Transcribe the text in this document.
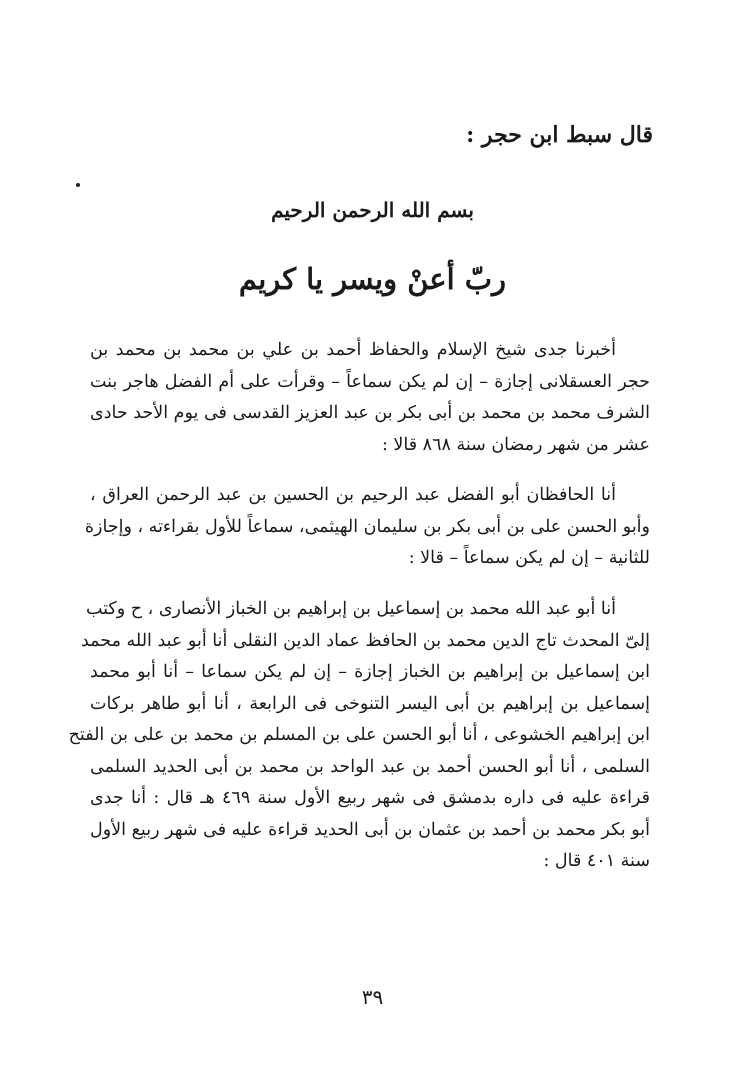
قال سبط ابن حجر :
بسم الله الرحمن الرحيم
ربّ أعنْ ويسر يا كريم
أخبرنا جدى شيخ الإسلام والحفاظ أحمد بن علي بن محمد بن محمد بن
حجر العسقلانى إجازة – إن لم يكن سماعاً – وقرأت على أم الفضل هاجر بنت
الشرف محمد بن محمد بن أبى بكر بن عبد العزيز القدسى فى يوم الأحد حادى
عشر من شهر رمضان سنة ٨٦٨ قالا :
أنا الحافظان أبو الفضل عبد الرحيم بن الحسين بن عبد الرحمن العراق ،
وأبو الحسن على بن أبى بكر بن سليمان الهيثمى، سماعاً للأول بقراءته ، وإجازة
للثانية – إن لم يكن سماعاً – قالا :
أنا أبو عبد الله محمد بن إسماعيل بن إبراهيم بن الخباز الأنصارى ، ح وكتب
إلىّ المحدث تاج الدين محمد بن الحافظ عماد الدين النقلى أنا أبو عبد الله محمد
ابن إسماعيل بن إبراهيم بن الخباز إجازة – إن لم يكن سماعا – أنا أبو محمد
إسماعيل بن إبراهيم بن أبى اليسر التنوخى فى الرابعة ، أنا أبو طاهر بركات
ابن إبراهيم الخشوعى ، أنا أبو الحسن على بن المسلم بن محمد بن على بن الفتح
السلمى ، أنا أبو الحسن أحمد بن عبد الواحد بن محمد بن أبى الحديد السلمى
قراءة عليه فى داره بدمشق فى شهر ربيع الأول سنة ٤٦٩ هـ قال : أنا جدى
أبو بكر محمد بن أحمد بن عثمان بن أبى الحديد قراءة عليه فى شهر ربيع الأول
سنة ٤٠١ قال :
٣٩
